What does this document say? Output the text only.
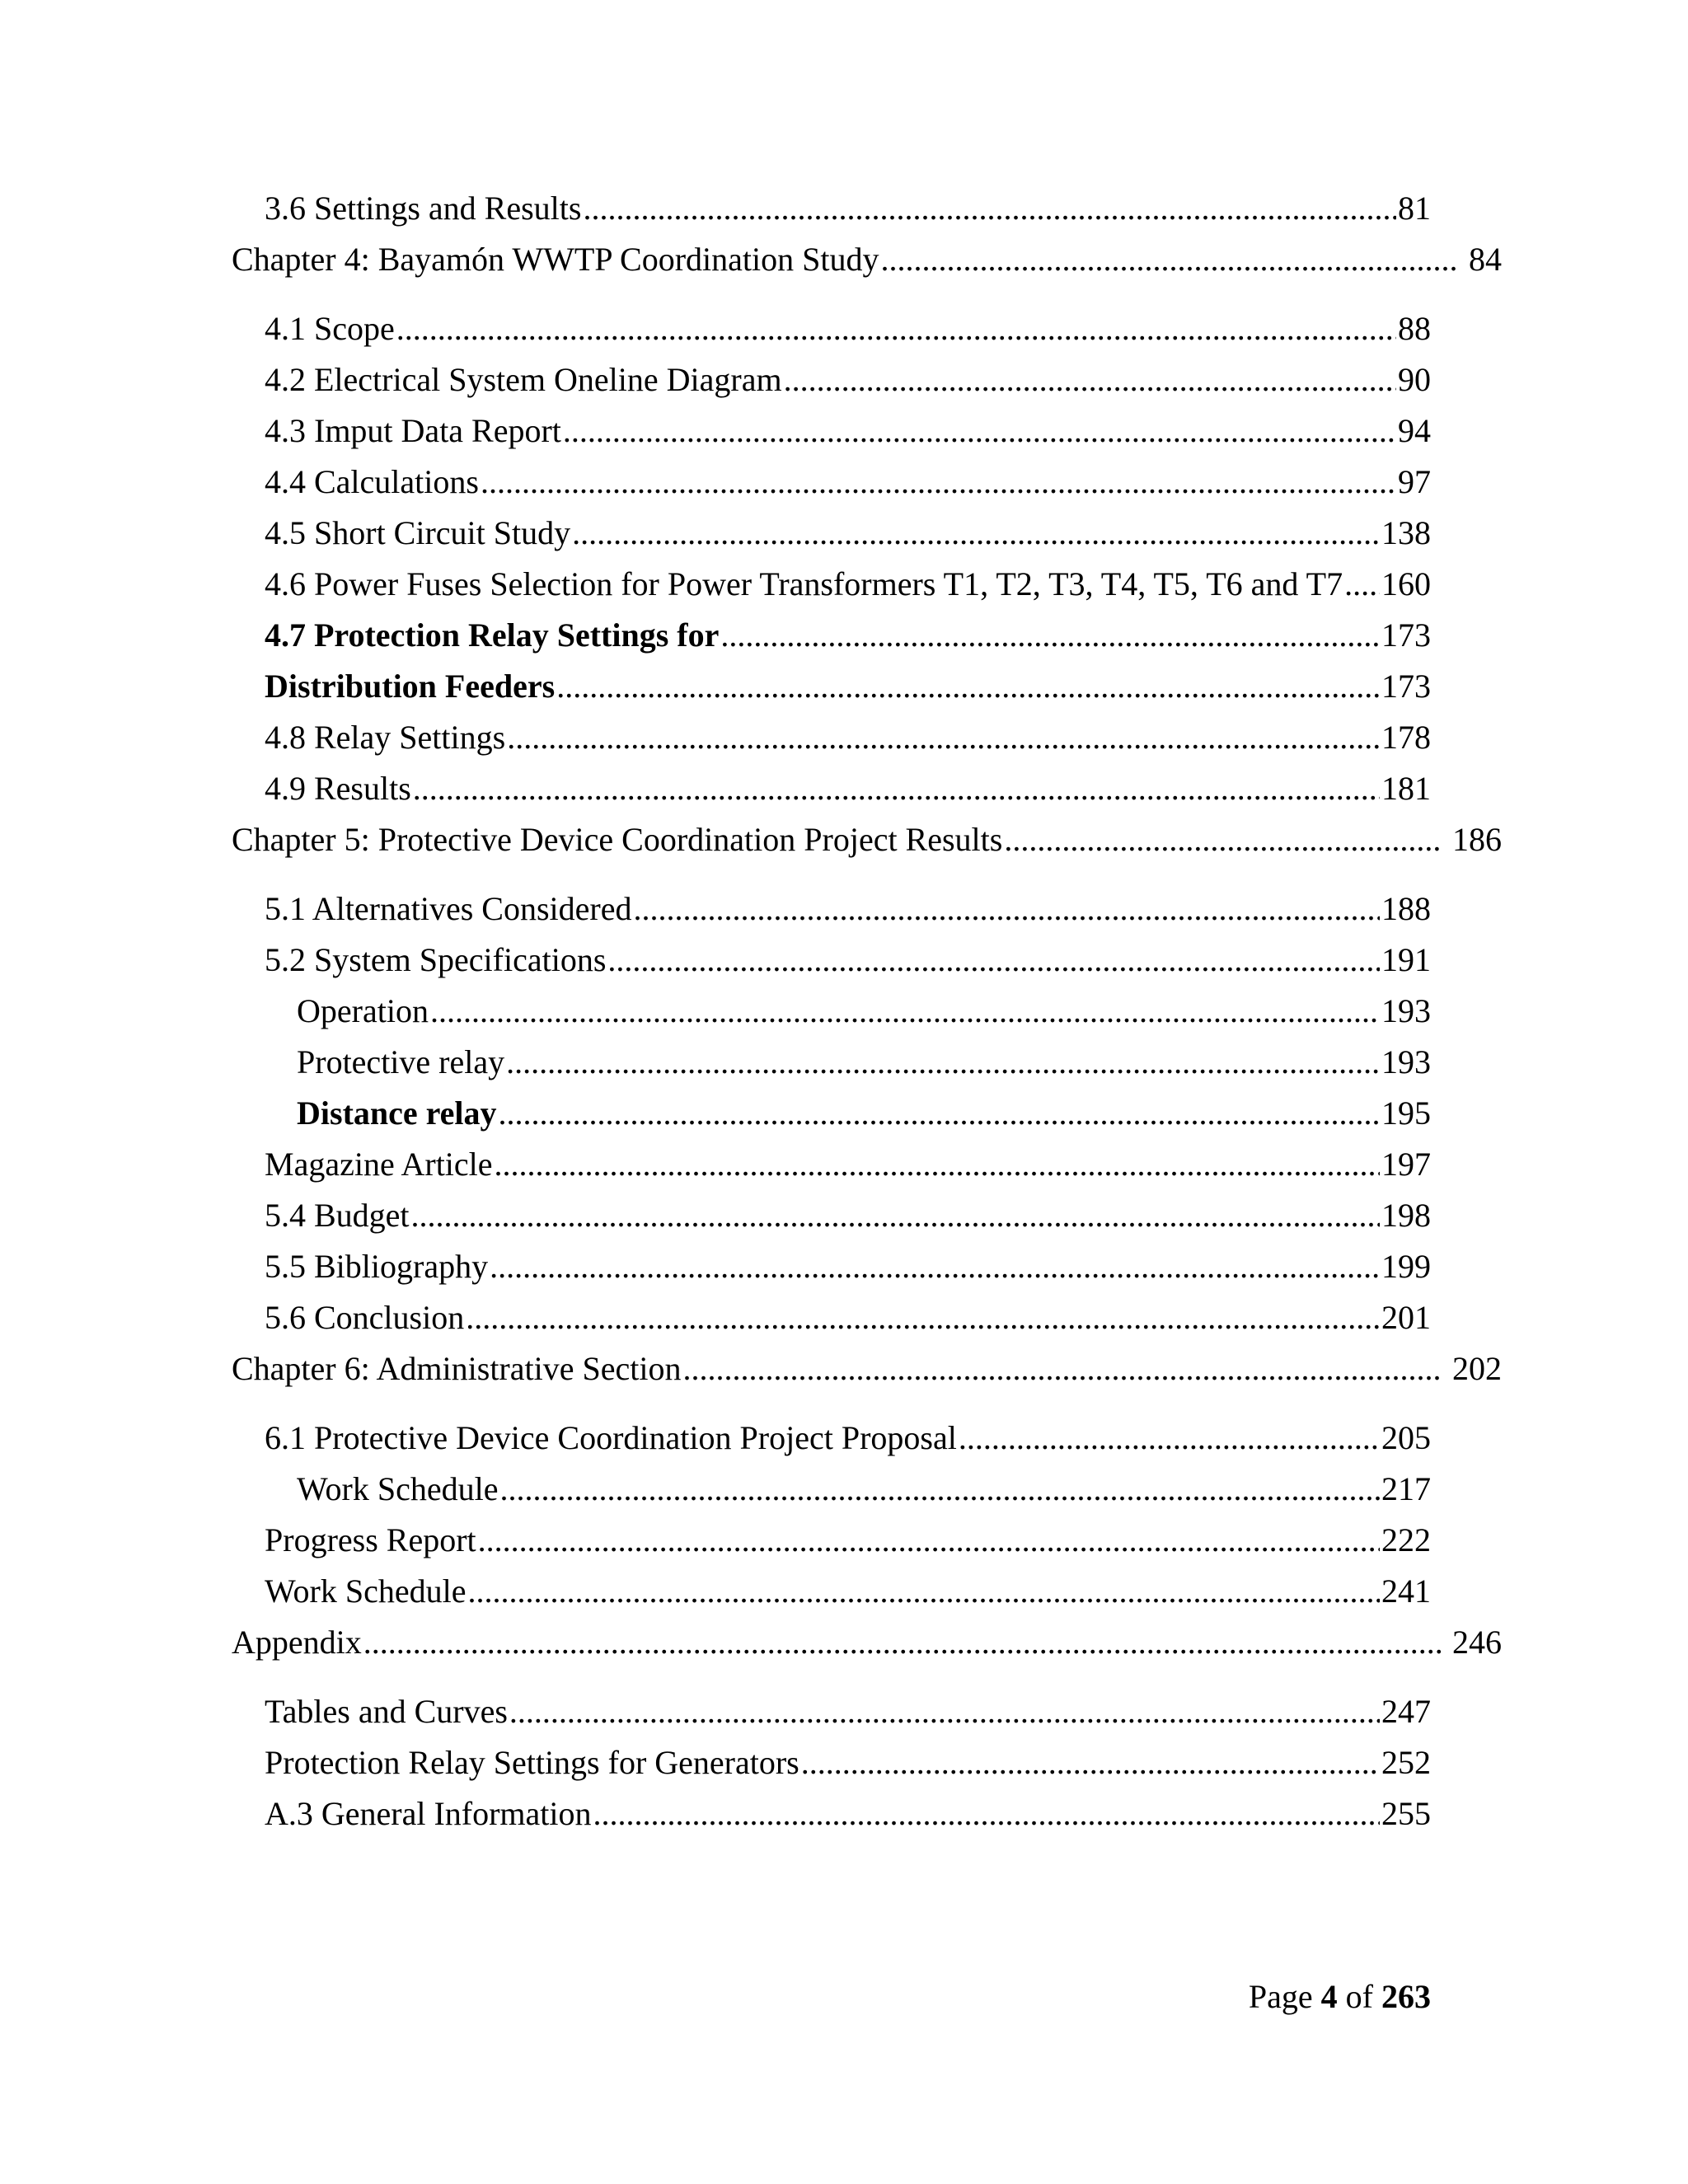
3.6 Settings and Results .....	81
Chapter 4: Bayamón WWTP Coordination Study .....	84
4.1 Scope .....	88
4.2 Electrical System Oneline Diagram .....	90
4.3 Imput Data Report .....	94
4.4 Calculations .....	97
4.5 Short Circuit Study .....	138
4.6 Power Fuses Selection for Power Transformers T1, T2, T3, T4, T5, T6 and T7 ..... 160
4.7 Protection Relay Settings for .....	173
Distribution Feeders .....	173
4.8 Relay Settings .....	178
4.9 Results .....	181
Chapter 5: Protective Device Coordination Project Results .....	186
5.1 Alternatives Considered .....	188
5.2 System Specifications .....	191
Operation .....	193
Protective relay .....	193
Distance relay .....	195
Magazine Article .....	197
5.4 Budget .....	198
5.5 Bibliography .....	199
5.6 Conclusion .....	201
Chapter 6: Administrative Section .....	202
6.1 Protective Device Coordination Project Proposal .....	205
Work Schedule .....	217
Progress Report .....	222
Work Schedule .....	241
Appendix .....	246
Tables and Curves .....	247
Protection Relay Settings for Generators .....	252
A.3 General Information .....	255
Page 4 of 263
